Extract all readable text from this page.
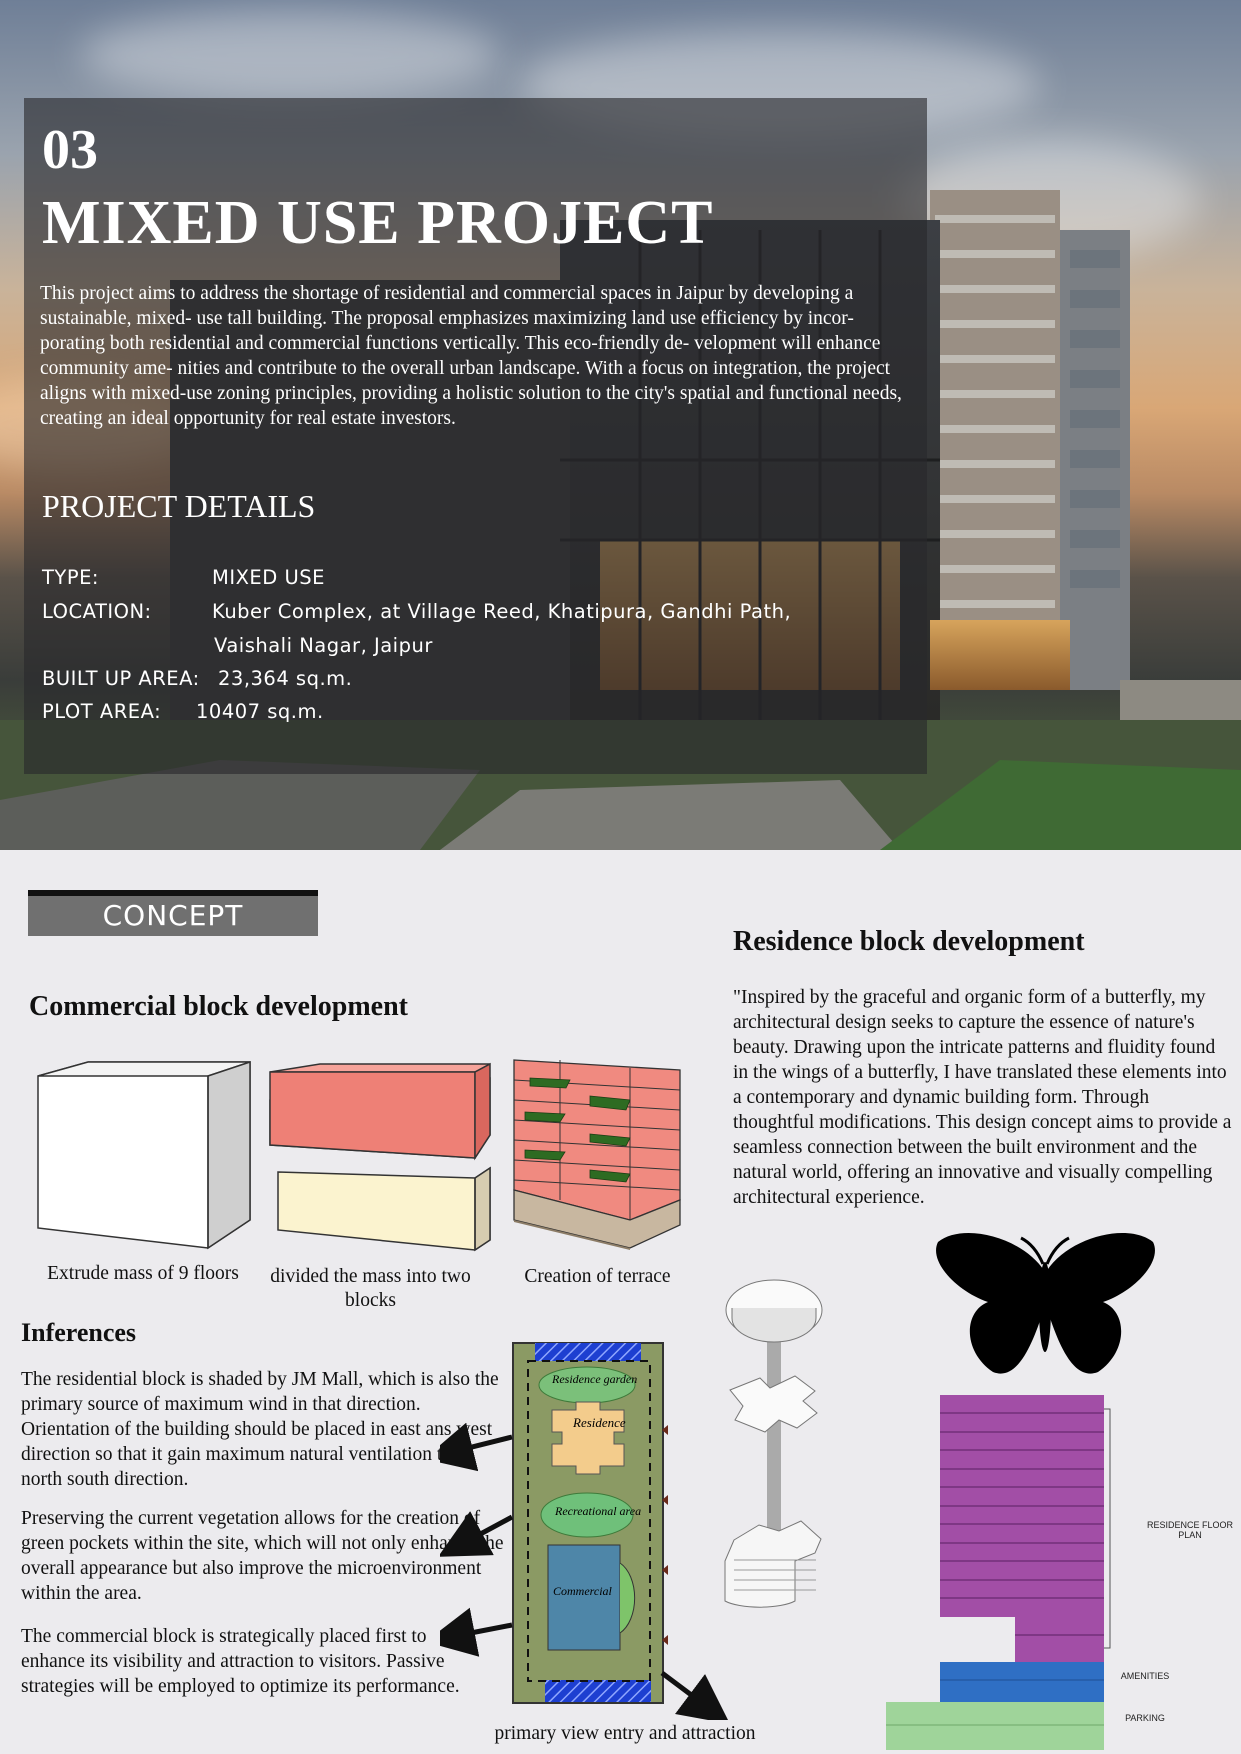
03
MIXED USE PROJECT
This project aims to address the shortage of residential and commercial spaces in Jaipur by developing a sustainable, mixed- use tall building. The proposal emphasizes maximizing land use efficiency by incor- porating both residential and commercial functions vertically. This eco-friendly de- velopment will enhance community ame- nities and contribute to the overall urban landscape. With a focus on integration, the project aligns with mixed-use zoning principles, providing a holistic solution to the city's spatial and functional needs, creating an ideal opportunity for real estate investors.
PROJECT DETAILS
TYPE:	MIXED USE
LOCATION:	Kuber Complex, at Village Reed, Khatipura, Gandhi Path,
Vaishali Nagar, Jaipur
BUILT UP AREA: 23,364 sq.m.
PLOT AREA: 10407 sq.m.
CONCEPT
Commercial block development
Residence block development
"Inspired by the graceful and organic form of a butterfly, my architectural design seeks to capture the essence of nature's beauty. Drawing upon the intricate patterns and fluidity found in the wings of a butterfly, I have translated these elements into a contemporary and dynamic building form. Through thoughtful modifications. This design concept aims to provide a seamless connection between the built environment and the natural world, offering an innovative and visually compelling architectural experience.
Extrude mass of 9 floors	divided the mass into two blocks
Creation of terrace
Inferences
The residential block is shaded by JM Mall, which is also the primary source of maximum wind in that direction. Orientation of the building should be placed in east ans west direction so that it gain maximum natural ventilation than north south direction.
Preserving the current vegetation allows for the creation of green pockets within the site, which will not only enhance the overall appearance but also improve the microenvironment within the area.
The commercial block is strategically placed first to enhance its visibility and attraction to visitors. Passive strategies will be employed to optimize its performance.
Residence garden
Residence
Recreational area
Commercial
primary view entry and attraction
RESIDENCE FLOOR PLAN
AMENITIES
PARKING
